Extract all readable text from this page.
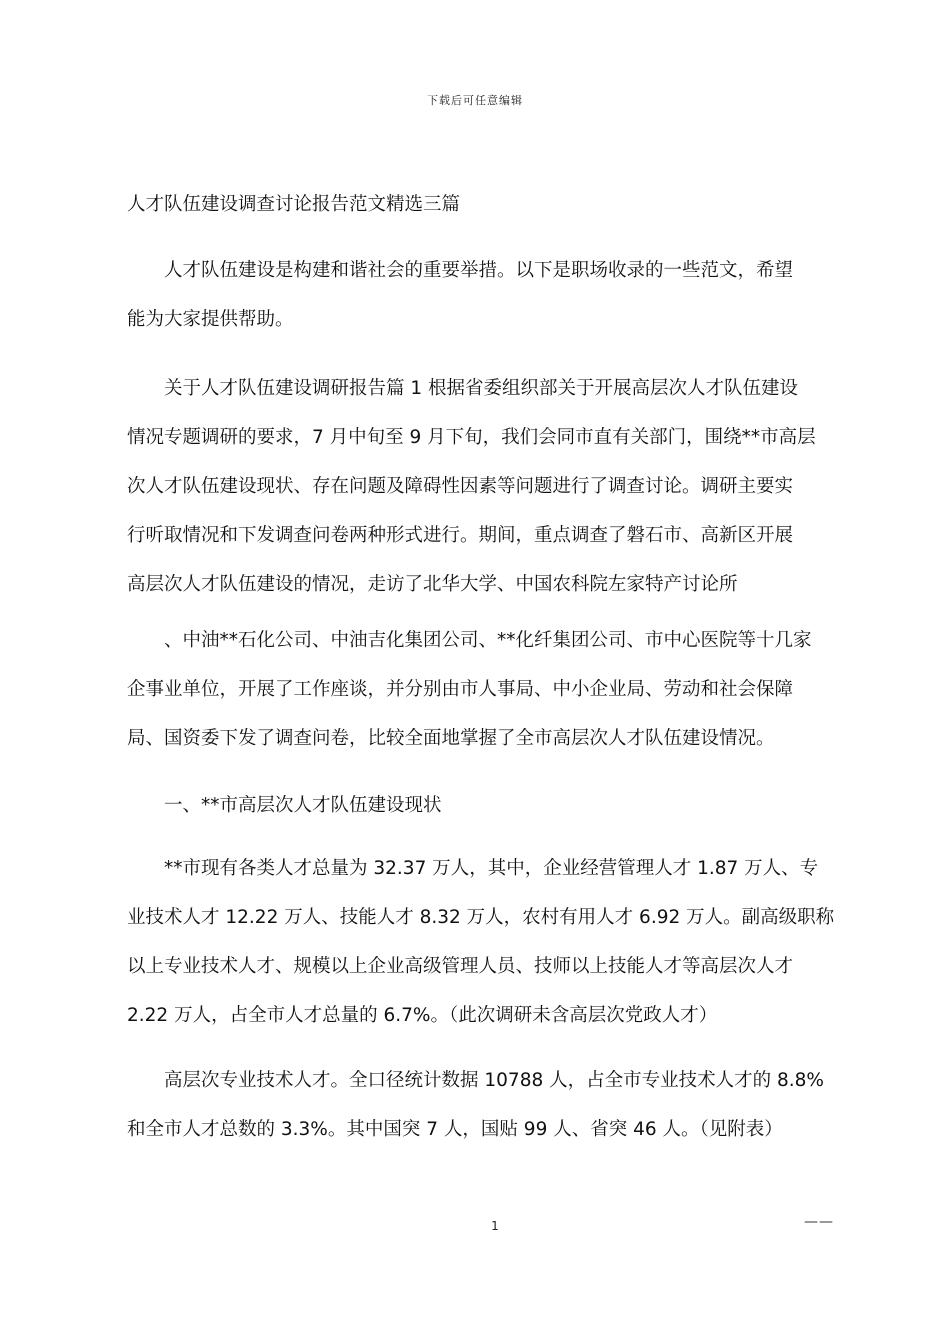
下载后可任意编辑
人才队伍建设调查讨论报告范文精选三篇
人才队伍建设是构建和谐社会的重要举措。以下是职场收录的一些范文，希望
能为大家提供帮助。
关于人才队伍建设调研报告篇 1 根据省委组织部关于开展高层次人才队伍建设
情况专题调研的要求，7 月中旬至 9 月下旬，我们会同市直有关部门，围绕**市高层
次人才队伍建设现状、存在问题及障碍性因素等问题进行了调查讨论。调研主要实
行听取情况和下发调查问卷两种形式进行。期间，重点调查了磐石市、高新区开展
高层次人才队伍建设的情况，走访了北华大学、中国农科院左家特产讨论所
、中油**石化公司、中油吉化集团公司、**化纤集团公司、市中心医院等十几家
企事业单位，开展了工作座谈，并分别由市人事局、中小企业局、劳动和社会保障
局、国资委下发了调查问卷，比较全面地掌握了全市高层次人才队伍建设情况。
一、**市高层次人才队伍建设现状
**市现有各类人才总量为 32.37 万人，其中，企业经营管理人才 1.87 万人、专
业技术人才 12.22 万人、技能人才 8.32 万人，农村有用人才 6.92 万人。副高级职称
以上专业技术人才、规模以上企业高级管理人员、技师以上技能人才等高层次人才
2.22 万人，占全市人才总量的 6.7%。（此次调研未含高层次党政人才）
高层次专业技术人才。全口径统计数据 10788 人，占全市专业技术人才的 8.8%
和全市人才总数的 3.3%。其中国突 7 人，国贴 99 人、省突 46 人。（见附表）
1	——
